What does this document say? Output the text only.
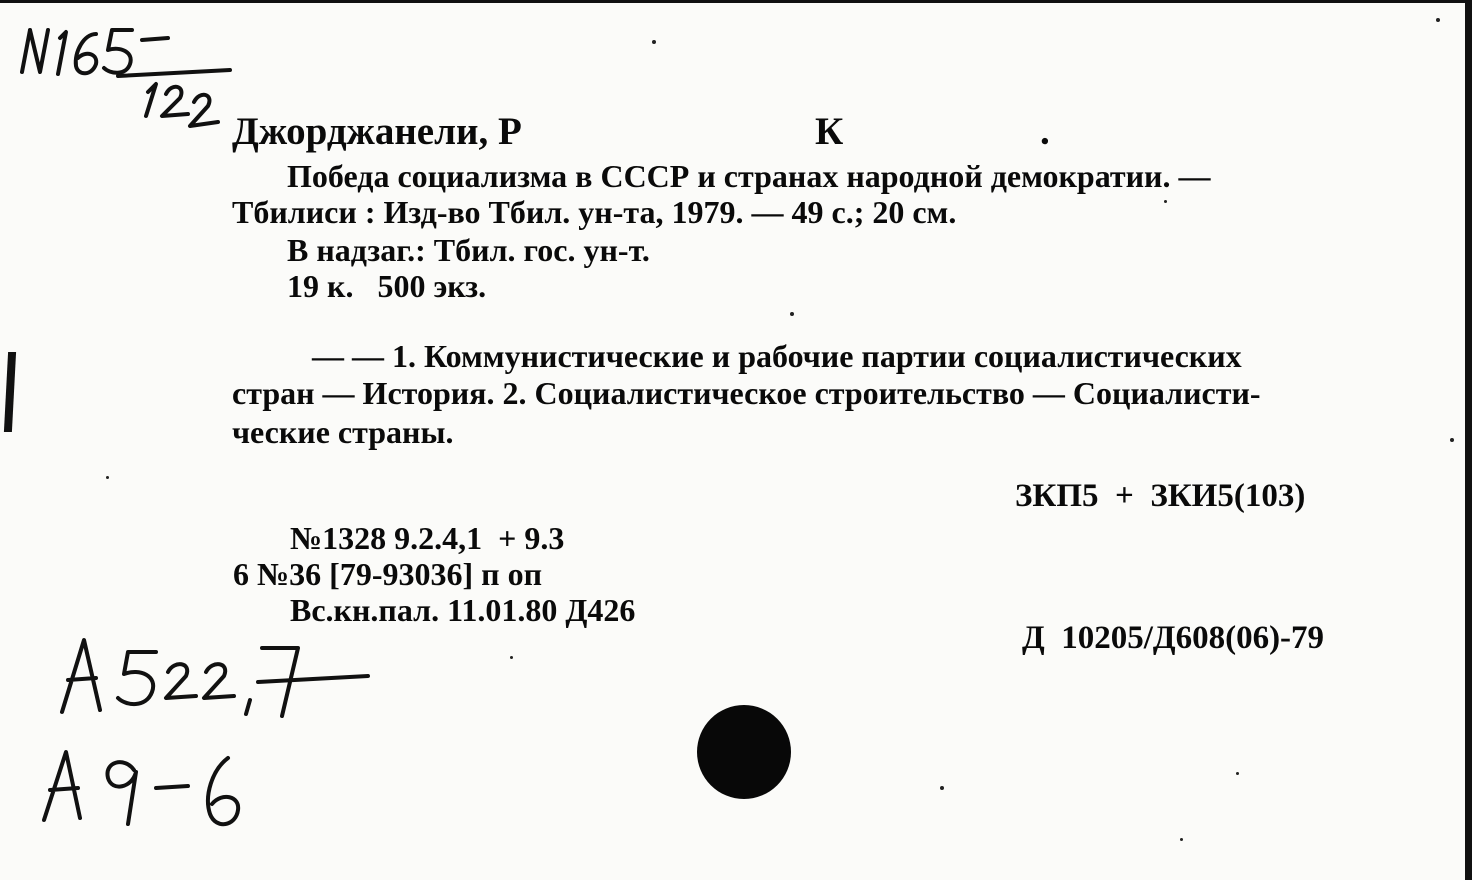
Джорджанели, Р	К	.
Победа социализма в СССР и странах народной демократии. —
Тбилиси : Изд-во Тбил. ун-та, 1979. — 49 с.; 20 см.
В надзаг.: Тбил. гос. ун-т.
19 к.   500 экз.
— — 1. Коммунистические и рабочие партии социалистических
стран — История. 2. Социалистическое строительство — Социалисти-
ческие страны.
ЗКП5  +  ЗКИ5(103)
№1328 9.2.4,1  + 9.3
6 №36 [79-93036] п оп
Вс.кн.пал. 11.01.80 Д426
Д  10205/Д608(06)-79
